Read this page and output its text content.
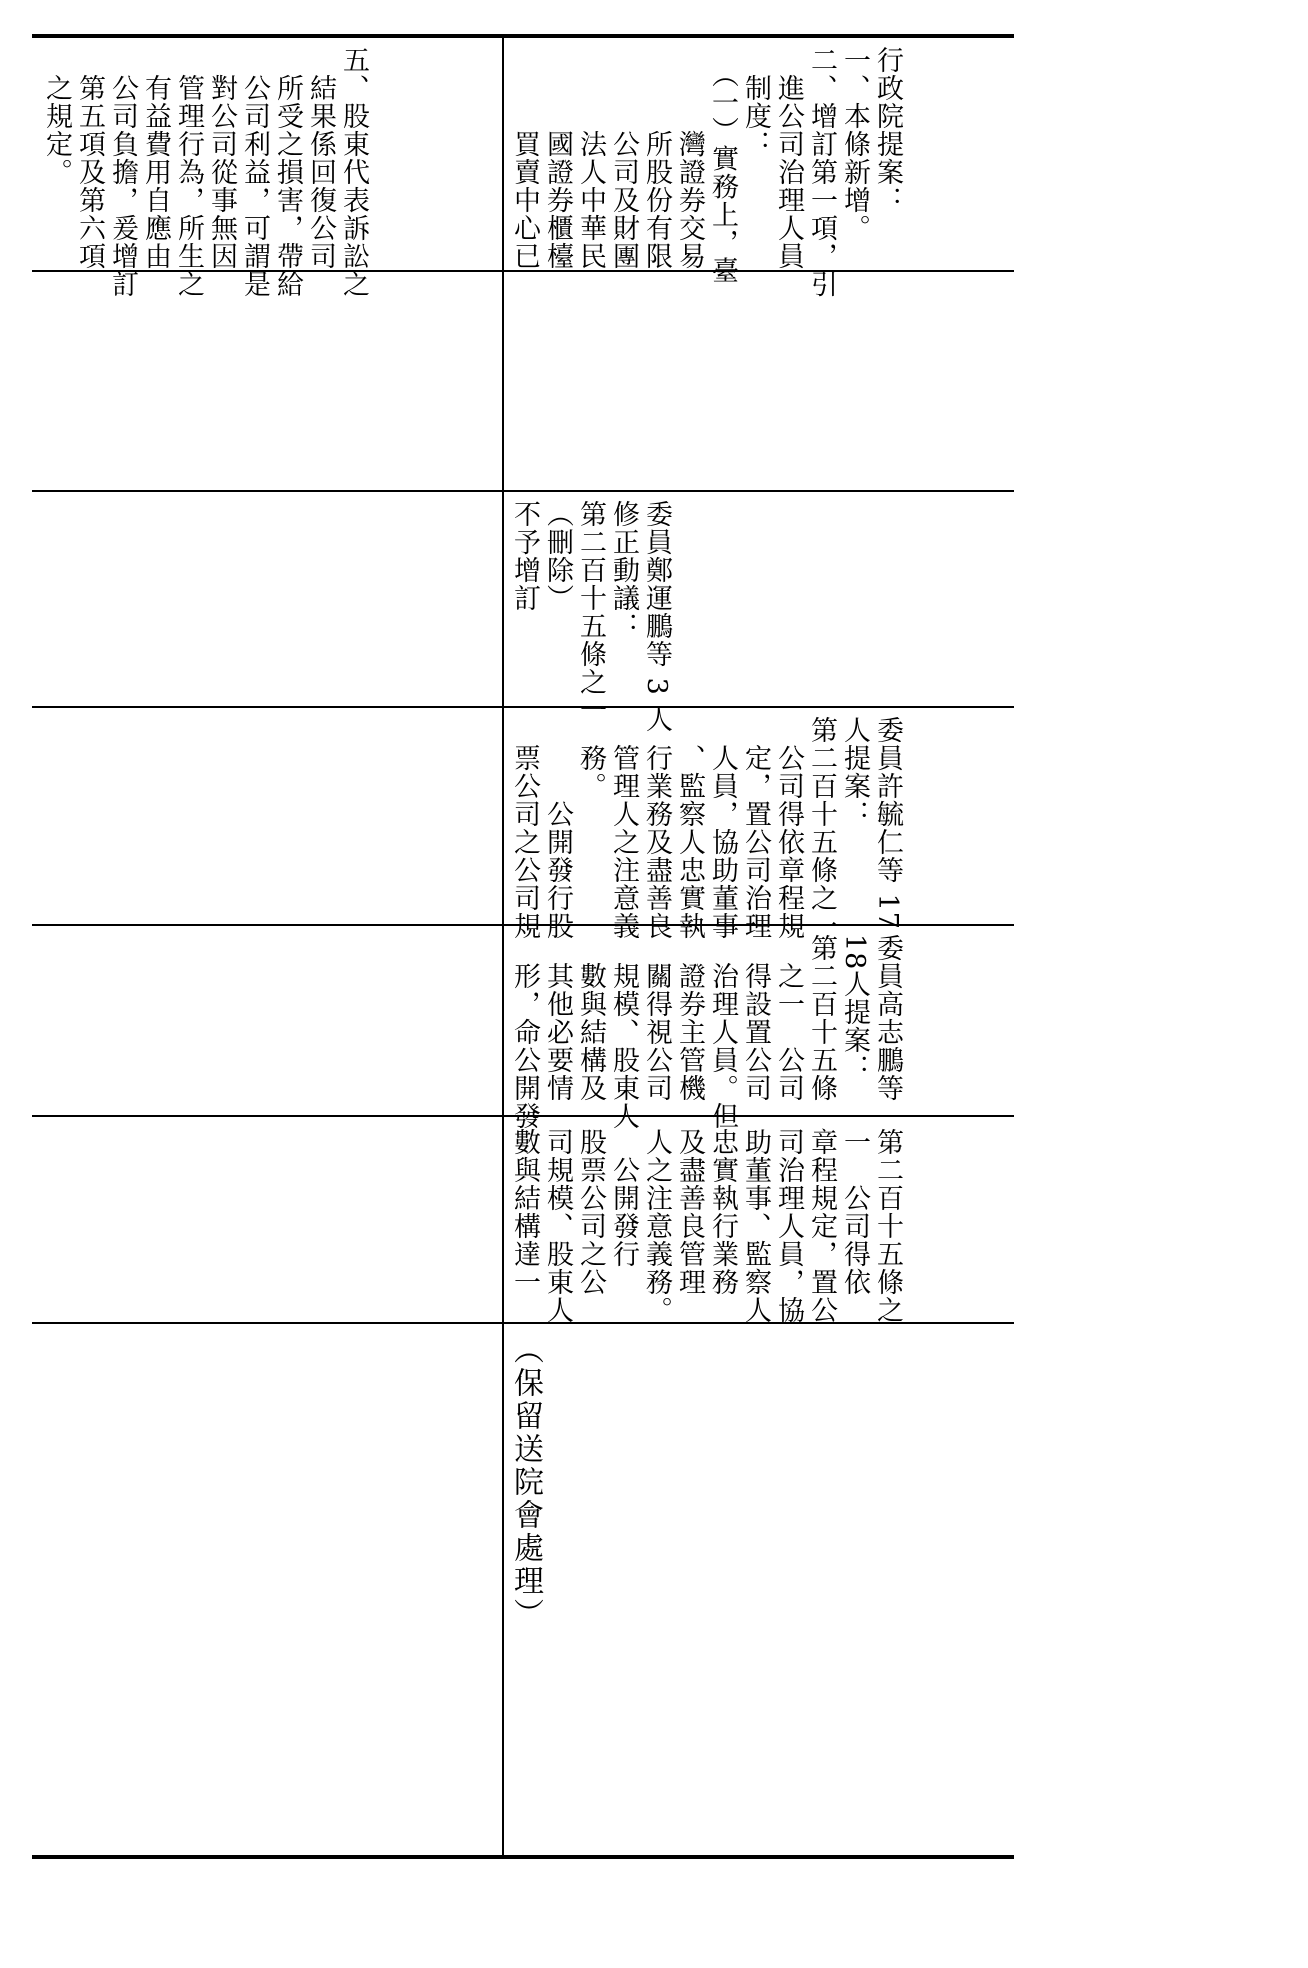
（保留送院會處理）
第二百十五條之
一　公司得依
章程規定，置公
司治理人員，協
助董事、監察人
忠實執行業務
及盡善良管理
人之注意義務。
　公開發行
股票公司之公
司規模、股東人
數與結構達一
委員高志鵬等
18人提案：
第二百十五條
　之一　公司
　得設置公司
　治理人員。但
　證券主管機
　關得視公司
　規模、股東人
　數與結構及
　其他必要情
　形，命公開發
委員許毓仁等 17
人提案：
第二百十五條之一
　公司得依章程規
　定，置公司治理
　人員，協助董事
　、監察人忠實執
　行業務及盡善良
　管理人之注意義
　務。
　　　公開發行股
　票公司之公司規
委員鄭運鵬等 3 人
修正動議：
第二百十五條之一
（刪除）
不予增訂
行政院提案：
一、本條新增。
二、增訂第一項，引
　進公司治理人員
　制度：
　（一）實務上，臺
　　　灣證券交易
　　　所股份有限
　　　公司及財團
　　　法人中華民
　　　國證券櫃檯
　　　買賣中心已
五、股東代表訴訟之
　結果係回復公司
　所受之損害，帶給
　公司利益，可謂是
　對公司從事無因
　管理行為，所生之
　有益費用自應由
　公司負擔，爰增訂
　第五項及第六項
　之規定。
